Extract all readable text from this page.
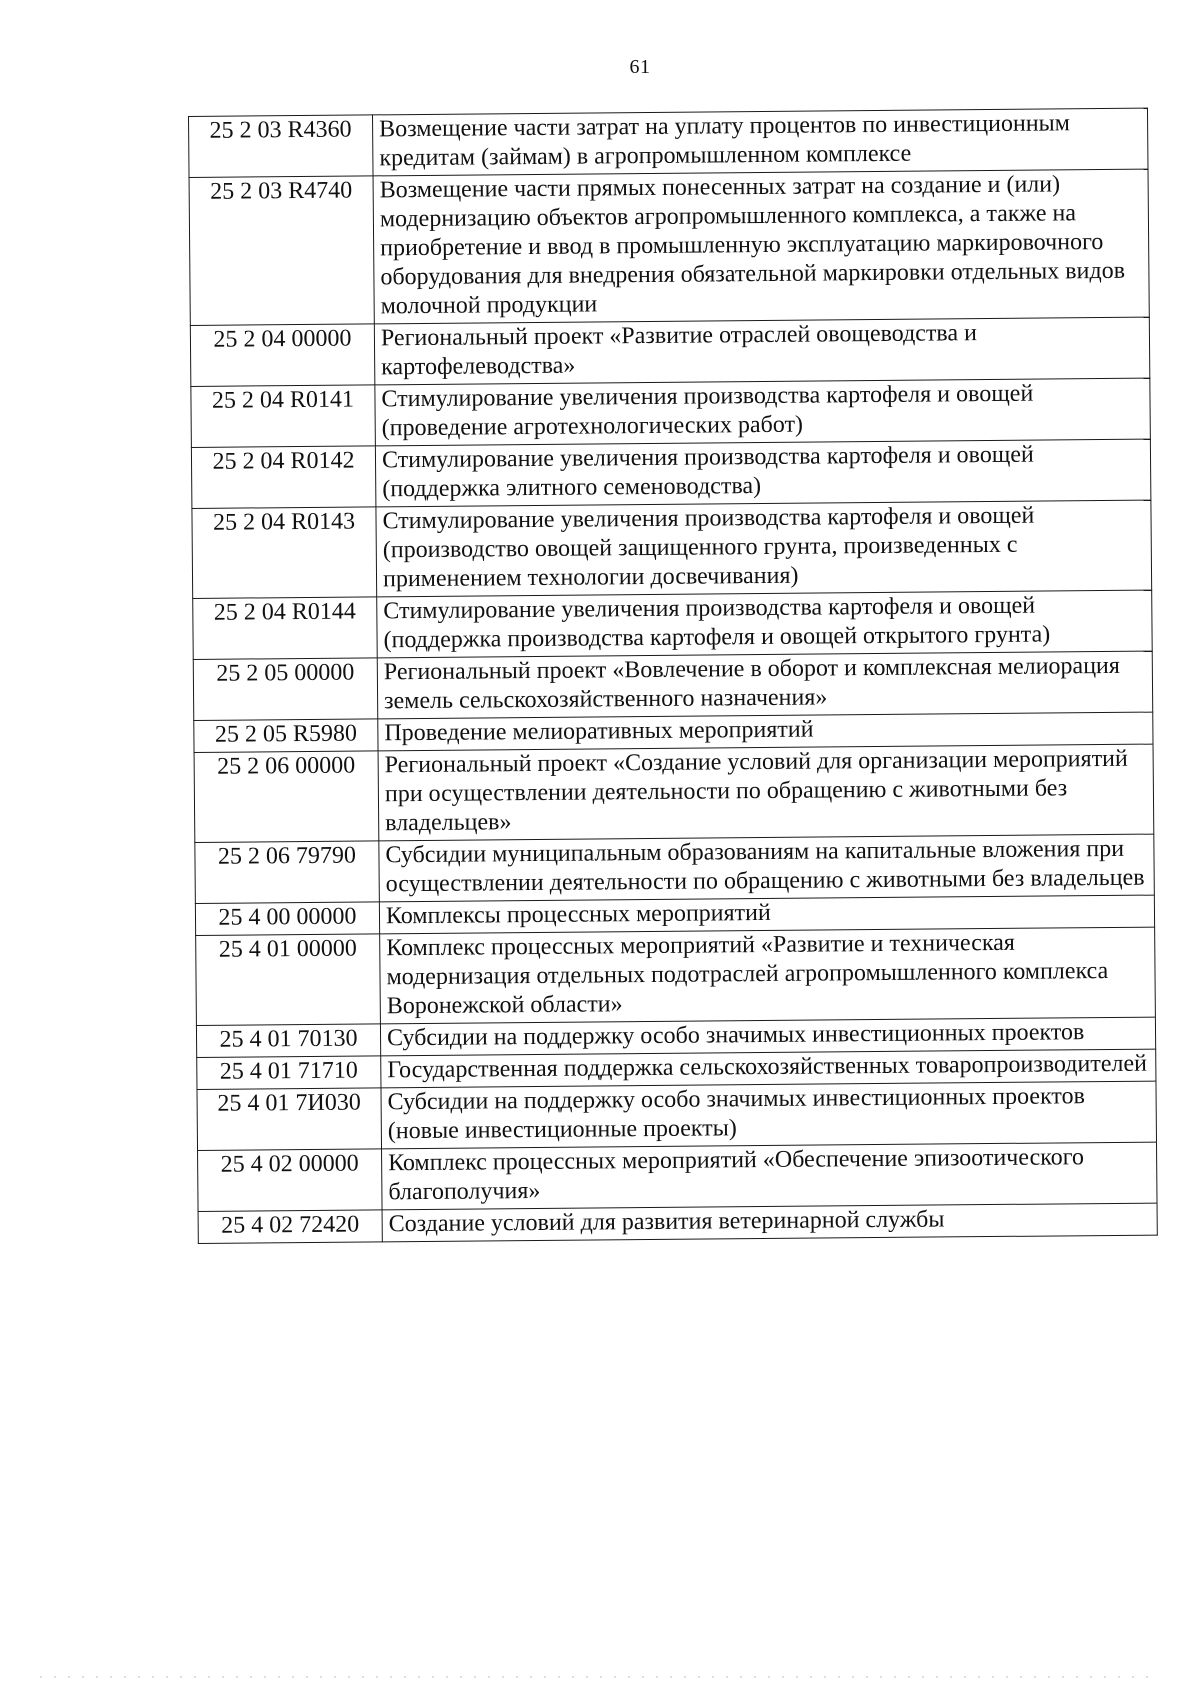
61
25 2 03 R4360	Возмещение части затрат на уплату процентов по инвестиционным кредитам (займам) в агропромышленном комплексе
25 2 03 R4740	Возмещение части прямых понесенных затрат на создание и (или) модернизацию объектов агропромышленного комплекса, а также на приобретение и ввод в промышленную эксплуатацию маркировочного оборудования для внедрения обязательной маркировки отдельных видов молочной продукции
25 2 04 00000	Региональный проект «Развитие отраслей овощеводства и картофелеводства»
25 2 04 R0141	Стимулирование увеличения производства картофеля и овощей (проведение агротехнологических работ)
25 2 04 R0142	Стимулирование увеличения производства картофеля и овощей (поддержка элитного семеноводства)
25 2 04 R0143	Стимулирование увеличения производства картофеля и овощей (производство овощей защищенного грунта, произведенных с применением технологии досвечивания)
25 2 04 R0144	Стимулирование увеличения производства картофеля и овощей (поддержка производства картофеля и овощей открытого грунта)
25 2 05 00000	Региональный проект «Вовлечение в оборот и комплексная мелиорация земель сельскохозяйственного назначения»
25 2 05 R5980	Проведение мелиоративных мероприятий
25 2 06 00000	Региональный проект «Создание условий для организации мероприятий при осуществлении деятельности по обращению с животными без владельцев»
25 2 06 79790	Субсидии муниципальным образованиям на капитальные вложения при осуществлении деятельности по обращению с животными без владельцев
25 4 00 00000	Комплексы процессных мероприятий
25 4 01 00000	Комплекс процессных мероприятий «Развитие и техническая модернизация отдельных подотраслей агропромышленного комплекса Воронежской области»
25 4 01 70130	Субсидии на поддержку особо значимых инвестиционных проектов
25 4 01 71710	Государственная поддержка сельскохозяйственных товаропроизводителей
25 4 01 7И030	Субсидии на поддержку особо значимых инвестиционных проектов (новые инвестиционные проекты)
25 4 02 00000	Комплекс процессных мероприятий «Обеспечение эпизоотического благополучия»
25 4 02 72420	Создание условий для развития ветеринарной службы
